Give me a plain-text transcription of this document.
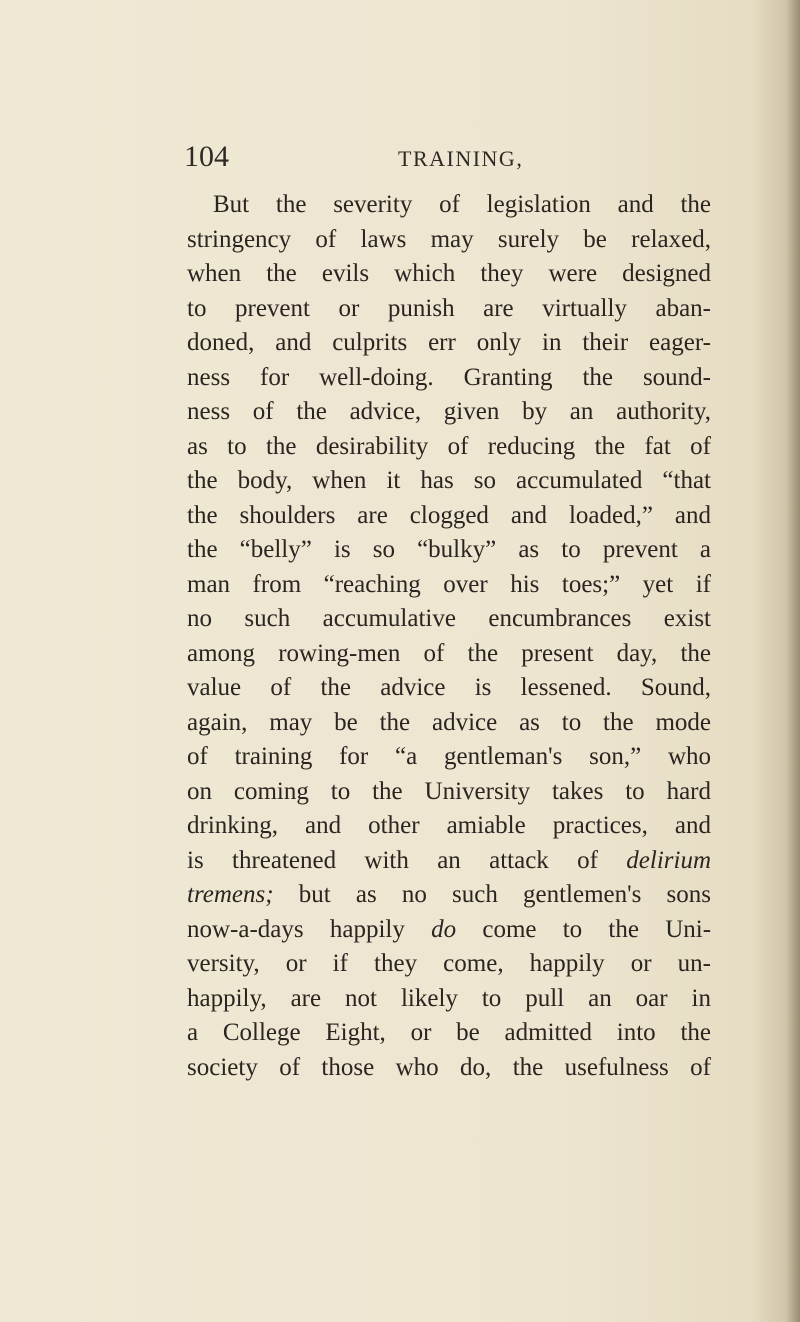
104	TRAINING,
But the severity of legislation and the
stringency of laws may surely be relaxed,
when the evils which they were designed
to prevent or punish are virtually aban-
doned, and culprits err only in their eager-
ness for well-doing. Granting the sound-
ness of the advice, given by an authority,
as to the desirability of reducing the fat of
the body, when it has so accumulated “that
the shoulders are clogged and loaded,” and
the “belly” is so “bulky” as to prevent a
man from “reaching over his toes;” yet if
no such accumulative encumbrances exist
among rowing-men of the present day, the
value of the advice is lessened. Sound,
again, may be the advice as to the mode
of training for “a gentleman's son,” who
on coming to the University takes to hard
drinking, and other amiable practices, and
is threatened with an attack of delirium
tremens; but as no such gentlemen's sons
now-a-days happily do come to the Uni-
versity, or if they come, happily or un-
happily, are not likely to pull an oar in
a College Eight, or be admitted into the
society of those who do, the usefulness of
